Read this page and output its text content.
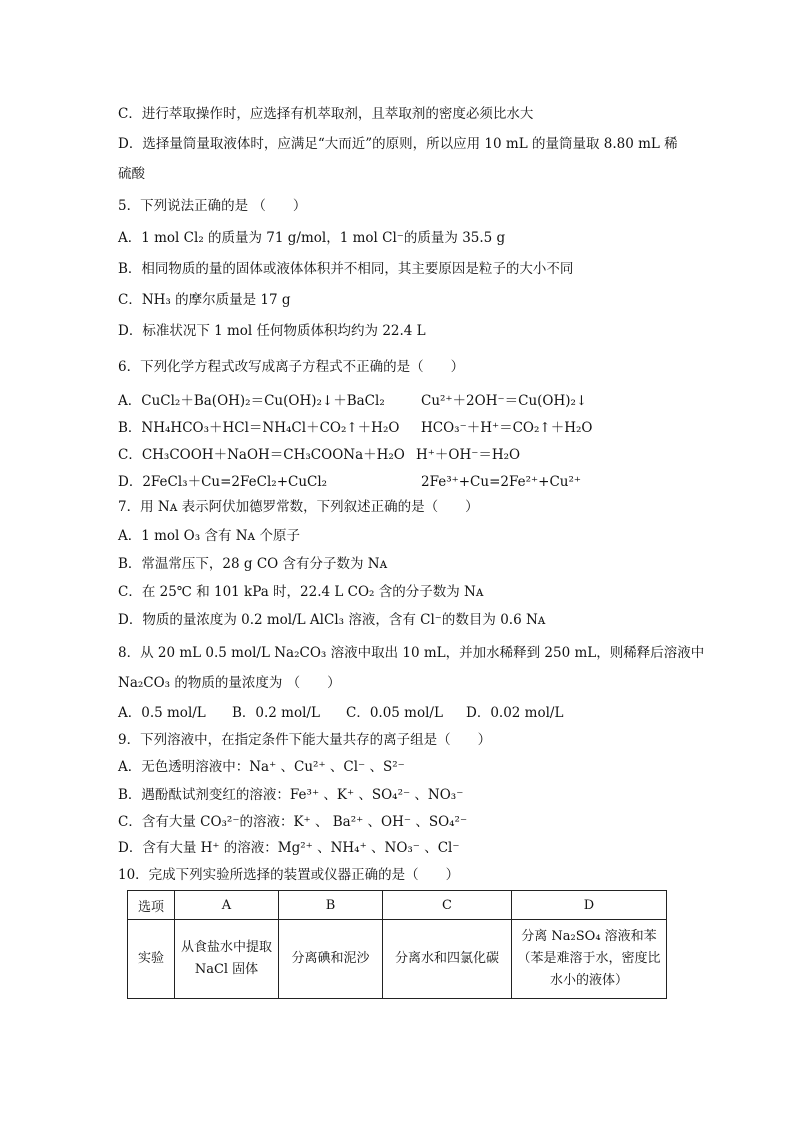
C．进行萃取操作时，应选择有机萃取剂，且萃取剂的密度必须比水大
D．选择量筒量取液体时，应满足“大而近”的原则，所以应用 10 mL 的量筒量取 8.80 mL 稀
硫酸
5．下列说法正确的是 （　　）
A．1 mol Cl₂ 的质量为 71 g/mol，1 mol Cl⁻的质量为 35.5 g
B．相同物质的量的固体或液体体积并不相同，其主要原因是粒子的大小不同
C．NH₃ 的摩尔质量是 17 g
D．标准状况下 1 mol 任何物质体积均约为 22.4 L
6．下列化学方程式改写成离子方程式不正确的是（　　）
A．CuCl₂＋Ba(OH)₂＝Cu(OH)₂↓＋BaCl₂	Cu²⁺＋2OH⁻＝Cu(OH)₂↓
B．NH₄HCO₃＋HCl＝NH₄Cl＋CO₂↑＋H₂O HCO₃⁻＋H⁺＝CO₂↑＋H₂O
C．CH₃COOH＋NaOH＝CH₃COONa＋H₂O H⁺＋OH⁻＝H₂O
D．2FeCl₃＋Cu=2FeCl₂+CuCl₂	2Fe³⁺+Cu=2Fe²⁺+Cu²⁺
7．用 Nᴀ 表示阿伏加德罗常数，下列叙述正确的是（　　）
A．1 mol O₃ 含有 Nᴀ 个原子
B．常温常压下，28 g CO 含有分子数为 Nᴀ
C．在 25℃ 和 101 kPa 时，22.4 L CO₂ 含的分子数为 Nᴀ
D．物质的量浓度为 0.2 mol/L AlCl₃ 溶液，含有 Cl⁻的数目为 0.6 Nᴀ
8．从 20 mL 0.5 mol/L Na₂CO₃ 溶液中取出 10 mL，并加水稀释到 250 mL，则稀释后溶液中
Na₂CO₃ 的物质的量浓度为 （　　）
A．0.5 mol/L	B．0.2 mol/L	C．0.05 mol/L	D．0.02 mol/L
9．下列溶液中，在指定条件下能大量共存的离子组是（　　）
A．无色透明溶液中：Na⁺ 、Cu²⁺ 、Cl⁻ 、S²⁻
B．遇酚酞试剂变红的溶液：Fe³⁺ 、K⁺ 、SO₄²⁻ 、NO₃⁻
C．含有大量 CO₃²⁻的溶液：K⁺ 、 Ba²⁺ 、OH⁻ 、SO₄²⁻
D．含有大量 H⁺ 的溶液：Mg²⁺ 、NH₄⁺ 、NO₃⁻ 、Cl⁻
10．完成下列实验所选择的装置或仪器正确的是（　　）
选项	A	B	C	D
实验	从食盐水中提取 NaCl 固体	分离碘和泥沙	分离水和四氯化碳	分离 Na₂SO₄ 溶液和苯（苯是难溶于水，密度比水小的液体）
